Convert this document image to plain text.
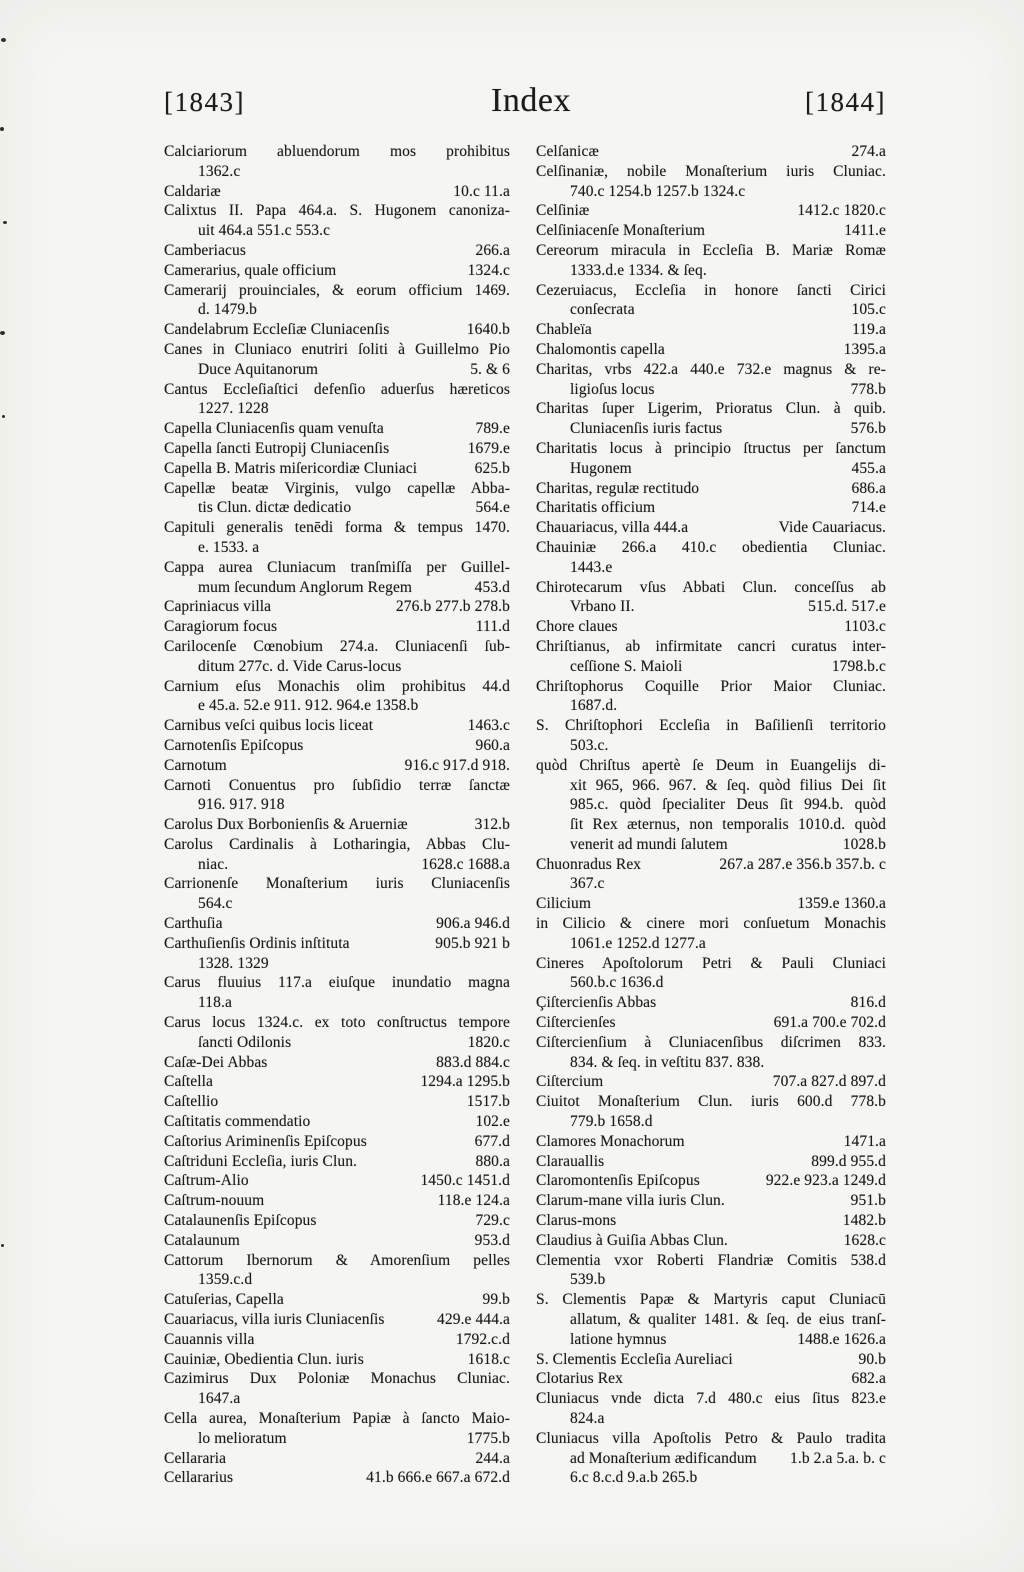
[1843]	Index	[1844]
Calciariorum abluendorum mos prohibitus
1362.c
Caldariæ	10.c 11.a
Calixtus II. Papa 464.a. S. Hugonem canoniza-
uit 464.a 551.c 553.c
Camberiacus	266.a
Camerarius, quale officium	1324.c
Camerarij prouinciales, & eorum officium 1469.
d. 1479.b
Candelabrum Eccleſiæ Cluniacenſis	1640.b
Canes in Cluniaco enutriri ſoliti à Guillelmo Pio
Duce Aquitanorum	5. & 6
Cantus Eccleſiaſtici defenſio aduerſus hæreticos
1227. 1228
Capella Cluniacenſis quam venuſta	789.e
Capella ſancti Eutropij Cluniacenſis	1679.e
Capella B. Matris miſericordiæ Cluniaci	625.b
Capellæ beatæ Virginis, vulgo capellæ Abba-
tis Clun. dictæ dedicatio	564.e
Capituli generalis tenēdi forma & tempus 1470.
e. 1533. a
Cappa aurea Cluniacum tranſmiſſa per Guillel-
mum ſecundum Anglorum Regem	453.d
Capriniacus villa	276.b 277.b 278.b
Caragiorum focus	111.d
Carilocenſe Cœnobium 274.a. Cluniacenſi ſub-
ditum 277c. d. Vide Carus-locus
Carnium eſus Monachis olim prohibitus 44.d
e 45.a. 52.e 911. 912. 964.e 1358.b
Carnibus veſci quibus locis liceat	1463.c
Carnotenſis Epiſcopus	960.a
Carnotum	916.c 917.d 918.
Carnoti Conuentus pro ſubſidio terræ ſanctæ
916. 917. 918
Carolus Dux Borbonienſis & Aruerniæ	312.b
Carolus Cardinalis à Lotharingia, Abbas Clu-
niac.	1628.c 1688.a
Carrionenſe Monaſterium iuris Cluniacenſis
564.c
Carthuſia	906.a 946.d
Carthuſienſis Ordinis inſtituta	905.b 921 b
1328. 1329
Carus fluuius 117.a eiuſque inundatio magna
118.a
Carus locus 1324.c. ex toto conſtructus tempore
ſancti Odilonis	1820.c
Caſæ-Dei Abbas	883.d 884.c
Caſtella	1294.a 1295.b
Caſtellio	1517.b
Caſtitatis commendatio	102.e
Caſtorius Ariminenſis Epiſcopus	677.d
Caſtriduni Eccleſia, iuris Clun.	880.a
Caſtrum-Alio	1450.c 1451.d
Caſtrum-nouum	118.e 124.a
Catalaunenſis Epiſcopus	729.c
Catalaunum	953.d
Cattorum Ibernorum & Amorenſium pelles
1359.c.d
Catuſerias, Capella	99.b
Cauariacus, villa iuris Cluniacenſis	429.e 444.a
Cauannis villa	1792.c.d
Cauiniæ, Obedientia Clun. iuris	1618.c
Cazimirus Dux Poloniæ Monachus Cluniac.
1647.a
Cella aurea, Monaſterium Papiæ à ſancto Maio-
lo melioratum	1775.b
Cellararia	244.a
Cellararius	41.b 666.e 667.a 672.d
Celſanicæ	274.a
Celſinaniæ, nobile Monaſterium iuris Cluniac.
740.c 1254.b 1257.b 1324.c
Celſiniæ	1412.c 1820.c
Celſiniacenſe Monaſterium	1411.e
Cereorum miracula in Eccleſia B. Mariæ Romæ
1333.d.e 1334. & ſeq.
Cezeruiacus, Eccleſia in honore ſancti Cirici
conſecrata	105.c
Chableïa	119.a
Chalomontis capella	1395.a
Charitas, vrbs 422.a 440.e 732.e magnus & re-
ligioſus locus	778.b
Charitas ſuper Ligerim, Prioratus Clun. à quib.
Cluniacenſis iuris factus	576.b
Charitatis locus à principio ſtructus per ſanctum
Hugonem	455.a
Charitas, regulæ rectitudo	686.a
Charitatis officium	714.e
Chauariacus, villa 444.a	Vide Cauariacus.
Chauiniæ 266.a 410.c obedientia Cluniac.
1443.e
Chirotecarum vſus Abbati Clun. conceſſus ab
Vrbano II.	515.d. 517.e
Chore claues	1103.c
Chriſtianus, ab infirmitate cancri curatus inter-
ceſſione S. Maioli	1798.b.c
Chriſtophorus Coquille Prior Maior Cluniac.
1687.d.
S. Chriſtophori Eccleſia in Baſilienſi territorio
503.c.
quòd Chriſtus apertè ſe Deum in Euangelijs di-
xit 965, 966. 967. & ſeq. quòd filius Dei ſit
985.c. quòd ſpecialiter Deus ſit 994.b. quòd
ſit Rex æternus, non temporalis 1010.d. quòd
venerit ad mundi ſalutem	1028.b
Chuonradus Rex	267.a 287.e 356.b 357.b. c
367.c
Cilicium	1359.e 1360.a
in Cilicio & cinere mori conſuetum Monachis
1061.e 1252.d 1277.a
Cineres Apoſtolorum Petri & Pauli Cluniaci
560.b.c 1636.d
Çiſtercienſis Abbas	816.d
Ciſtercienſes	691.a 700.e 702.d
Ciſtercienſium à Cluniacenſibus diſcrimen 833.
834. & ſeq. in veſtitu 837. 838.
Ciſtercium	707.a 827.d 897.d
Ciuitot Monaſterium Clun. iuris 600.d 778.b
779.b 1658.d
Clamores Monachorum	1471.a
Clarauallis	899.d 955.d
Claromontenſis Epiſcopus	922.e 923.a 1249.d
Clarum-mane villa iuris Clun.	951.b
Clarus-mons	1482.b
Claudius à Guiſia Abbas Clun.	1628.c
Clementia vxor Roberti Flandriæ Comitis 538.d
539.b
S. Clementis Papæ & Martyris caput Cluniacū
allatum, & qualiter 1481. & ſeq. de eius tranſ-
latione hymnus	1488.e 1626.a
S. Clementis Eccleſia Aureliaci	90.b
Clotarius Rex	682.a
Cluniacus vnde dicta 7.d 480.c eius ſitus 823.e
824.a
Cluniacus villa Apoſtolis Petro & Paulo tradita
ad Monaſterium ædificandum	1.b 2.a 5.a. b. c
6.c 8.c.d 9.a.b 265.b
